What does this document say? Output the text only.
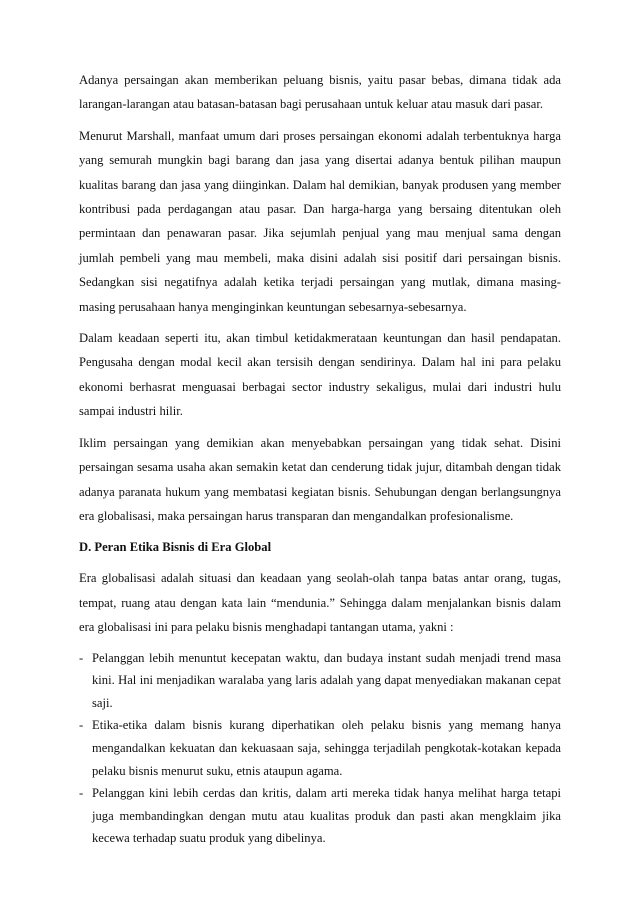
Adanya persaingan akan memberikan peluang bisnis, yaitu pasar bebas, dimana tidak ada larangan-larangan atau batasan-batasan bagi perusahaan untuk keluar atau masuk dari pasar.

Menurut Marshall, manfaat umum dari proses persaingan ekonomi adalah terbentuknya harga yang semurah mungkin bagi barang dan jasa yang disertai adanya bentuk pilihan maupun kualitas barang dan jasa yang diinginkan. Dalam hal demikian, banyak produsen yang member kontribusi pada perdagangan atau pasar. Dan harga-harga yang bersaing ditentukan oleh permintaan dan penawaran pasar. Jika sejumlah penjual yang mau menjual sama dengan jumlah pembeli yang mau membeli, maka disini adalah sisi positif dari persaingan bisnis. Sedangkan sisi negatifnya adalah ketika terjadi persaingan yang mutlak, dimana masing-masing perusahaan hanya menginginkan keuntungan sebesarnya-sebesarnya.

Dalam keadaan seperti itu, akan timbul ketidakmerataan keuntungan dan hasil pendapatan. Pengusaha dengan modal kecil akan tersisih dengan sendirinya. Dalam hal ini para pelaku ekonomi berhasrat menguasai berbagai sector industry sekaligus, mulai dari industri hulu sampai industri hilir.

Iklim persaingan yang demikian akan menyebabkan persaingan yang tidak sehat. Disini persaingan sesama usaha akan semakin ketat dan cenderung tidak jujur, ditambah dengan tidak adanya paranata hukum yang membatasi kegiatan bisnis. Sehubungan dengan berlangsungnya era globalisasi, maka persaingan harus transparan dan mengandalkan profesionalisme.

D. Peran Etika Bisnis di Era Global

Era globalisasi adalah situasi dan keadaan yang seolah-olah tanpa batas antar orang, tugas, tempat, ruang atau dengan kata lain “mendunia.” Sehingga dalam menjalankan bisnis dalam era globalisasi ini para pelaku bisnis menghadapi tantangan utama, yakni :

- Pelanggan lebih menuntut kecepatan waktu, dan budaya instant sudah menjadi trend masa kini. Hal ini menjadikan waralaba yang laris adalah yang dapat menyediakan makanan cepat saji.
- Etika-etika dalam bisnis kurang diperhatikan oleh pelaku bisnis yang memang hanya mengandalkan kekuatan dan kekuasaan saja, sehingga terjadilah pengkotak-kotakan kepada pelaku bisnis menurut suku, etnis ataupun agama.
- Pelanggan kini lebih cerdas dan kritis, dalam arti mereka tidak hanya melihat harga tetapi juga membandingkan dengan mutu atau kualitas produk dan pasti akan mengklaim jika kecewa terhadap suatu produk yang dibelinya.
